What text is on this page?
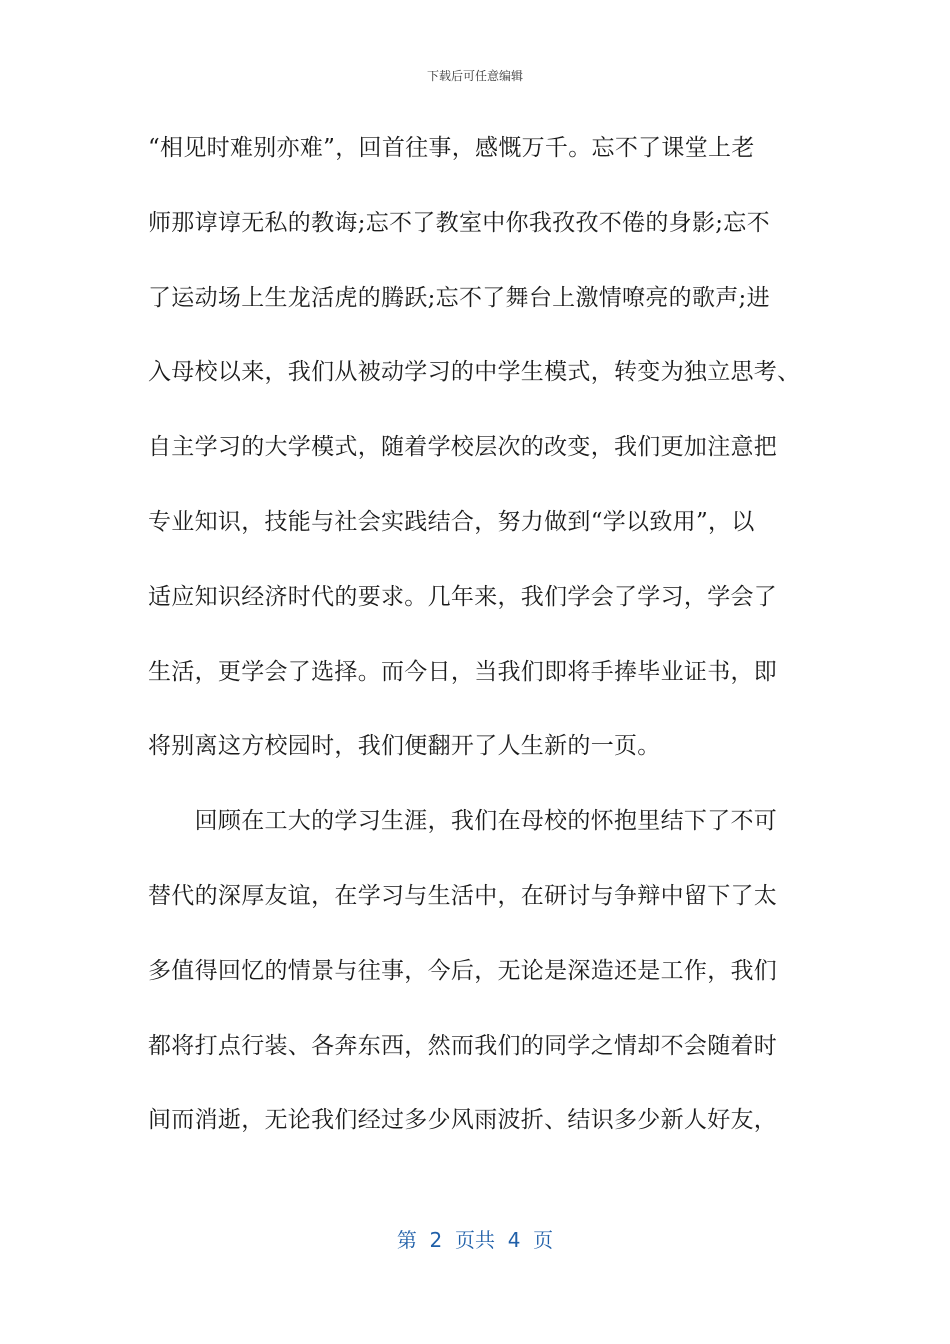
下载后可任意编辑
“相见时难别亦难”，回首往事，感慨万千。忘不了课堂上老
师那谆谆无私的教诲;忘不了教室中你我孜孜不倦的身影;忘不
了运动场上生龙活虎的腾跃;忘不了舞台上激情嘹亮的歌声;进
入母校以来，我们从被动学习的中学生模式，转变为独立思考、
自主学习的大学模式，随着学校层次的改变，我们更加注意把
专业知识，技能与社会实践结合，努力做到“学以致用”，以
适应知识经济时代的要求。几年来，我们学会了学习，学会了
生活，更学会了选择。而今日，当我们即将手捧毕业证书，即
将别离这方校园时，我们便翻开了人生新的一页。
　　回顾在工大的学习生涯，我们在母校的怀抱里结下了不可
替代的深厚友谊，在学习与生活中，在研讨与争辩中留下了太
多值得回忆的情景与往事，今后，无论是深造还是工作，我们
都将打点行装、各奔东西，然而我们的同学之情却不会随着时
间而消逝，无论我们经过多少风雨波折、结识多少新人好友，
第  2  页共  4  页
